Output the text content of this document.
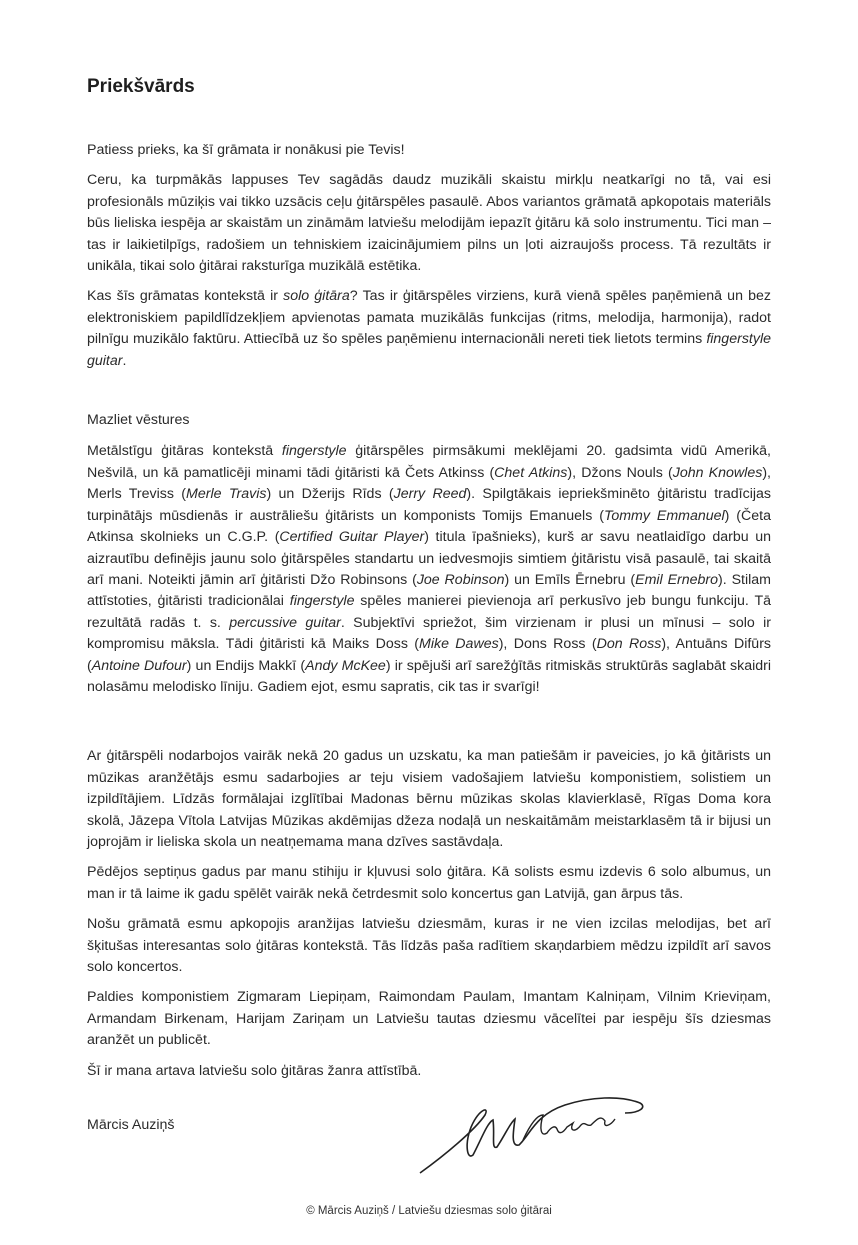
Priekšvārds

Patiess prieks, ka šī grāmata ir nonākusi pie Tevis!

Ceru, ka turpmākās lappuses Tev sagādās daudz muzikāli skaistu mirkļu neatkarīgi no tā, vai esi profesionāls mūziķis vai tikko uzsācis ceļu ģitārspēles pasaulē. Abos variantos grāmatā apkopotais materiāls būs lieliska iespēja ar skaistām un zināmām latviešu melodijām iepazīt ģitāru kā solo instrumentu. Tici man – tas ir laikietilpīgs, radošiem un tehniskiem izaicinājumiem pilns un ļoti aizraujošs process. Tā rezultāts ir unikāla, tikai solo ģitārai raksturīga muzikālā estētika.

Kas šīs grāmatas kontekstā ir solo ģitāra? Tas ir ģitārspēles virziens, kurā vienā spēles paņēmienā un bez elektroniskiem papildlīdzekļiem apvienotas pamata muzikālās funkcijas (ritms, melodija, harmonija), radot pilnīgu muzikālo faktūru. Attiecībā uz šo spēles paņēmienu internacionāli nereti tiek lietots termins fingerstyle guitar.

Mazliet vēstures

Metālstīgu ģitāras kontekstā fingerstyle ģitārspēles pirmsākumi meklējami 20. gadsimta vidū Amerikā, Nešvilā, un kā pamatlicēji minami tādi ģitāristi kā Čets Atkinss (Chet Atkins), Džons Nouls (John Knowles), Merls Treviss (Merle Travis) un Džerijs Rīds (Jerry Reed). Spilgtākais iepriekšminēto ģitāristu tradīcijas turpinātājs mūsdienās ir austrāliešu ģitārists un komponists Tomijs Emanuels (Tommy Emmanuel) (Četa Atkinsa skolnieks un C.G.P. (Certified Guitar Player) titula īpašnieks), kurš ar savu neatlaidīgo darbu un aizrautību definējis jaunu solo ģitārspēles standartu un iedvesmojis simtiem ģitāristu visā pasaulē, tai skaitā arī mani. Noteikti jāmin arī ģitāristi Džo Robinsons (Joe Robinson) un Emīls Ērnebru (Emil Ernebro). Stilam attīstoties, ģitāristi tradicionālai fingerstyle spēles manierei pievienoja arī perkusīvo jeb bungu funkciju. Tā rezultātā radās t. s. percussive guitar. Subjektīvi spriežot, šim virzienam ir plusi un mīnusi – solo ir kompromisu māksla. Tādi ģitāristi kā Maiks Doss (Mike Dawes), Dons Ross (Don Ross), Antuāns Difūrs (Antoine Dufour) un Endijs Makkī (Andy McKee) ir spējuši arī sarežģītās ritmiskās struktūrās saglabāt skaidri nolasāmu melodisko līniju. Gadiem ejot, esmu sapratis, cik tas ir svarīgi!

Ar ģitārspēli nodarbojos vairāk nekā 20 gadus un uzskatu, ka man patiešām ir paveicies, jo kā ģitārists un mūzikas aranžētājs esmu sadarbojies ar teju visiem vadošajiem latviešu komponistiem, solistiem un izpildītājiem. Līdzās formālajai izglītībai Madonas bērnu mūzikas skolas klavierklasē, Rīgas Doma kora skolā, Jāzepa Vītola Latvijas Mūzikas akdēmijas džeza nodaļā un neskaitāmām meistarklasēm tā ir bijusi un joprojām ir lieliska skola un neatņemama mana dzīves sastāvdaļa.

Pēdējos septiņus gadus par manu stihiju ir kļuvusi solo ģitāra. Kā solists esmu izdevis 6 solo albumus, un man ir tā laime ik gadu spēlēt vairāk nekā četrdesmit solo koncertus gan Latvijā, gan ārpus tās.

Nošu grāmatā esmu apkopojis aranžijas latviešu dziesmām, kuras ir ne vien izcilas melodijas, bet arī šķitušas interesantas solo ģitāras kontekstā. Tās līdzās paša radītiem skaņdarbiem mēdzu izpildīt arī savos solo koncertos.

Paldies komponistiem Zigmaram Liepiņam, Raimondam Paulam, Imantam Kalniņam, Vilnim Krieviņam, Armandam Birkenam, Harijam Zariņam un Latviešu tautas dziesmu vācelītei par iespēju šīs dziesmas aranžēt un publicēt.

Šī ir mana artava latviešu solo ģitāras žanra attīstībā.

Mārcis Auziņš
© Mārcis Auziņš / Latviešu dziesmas solo ģitārai
